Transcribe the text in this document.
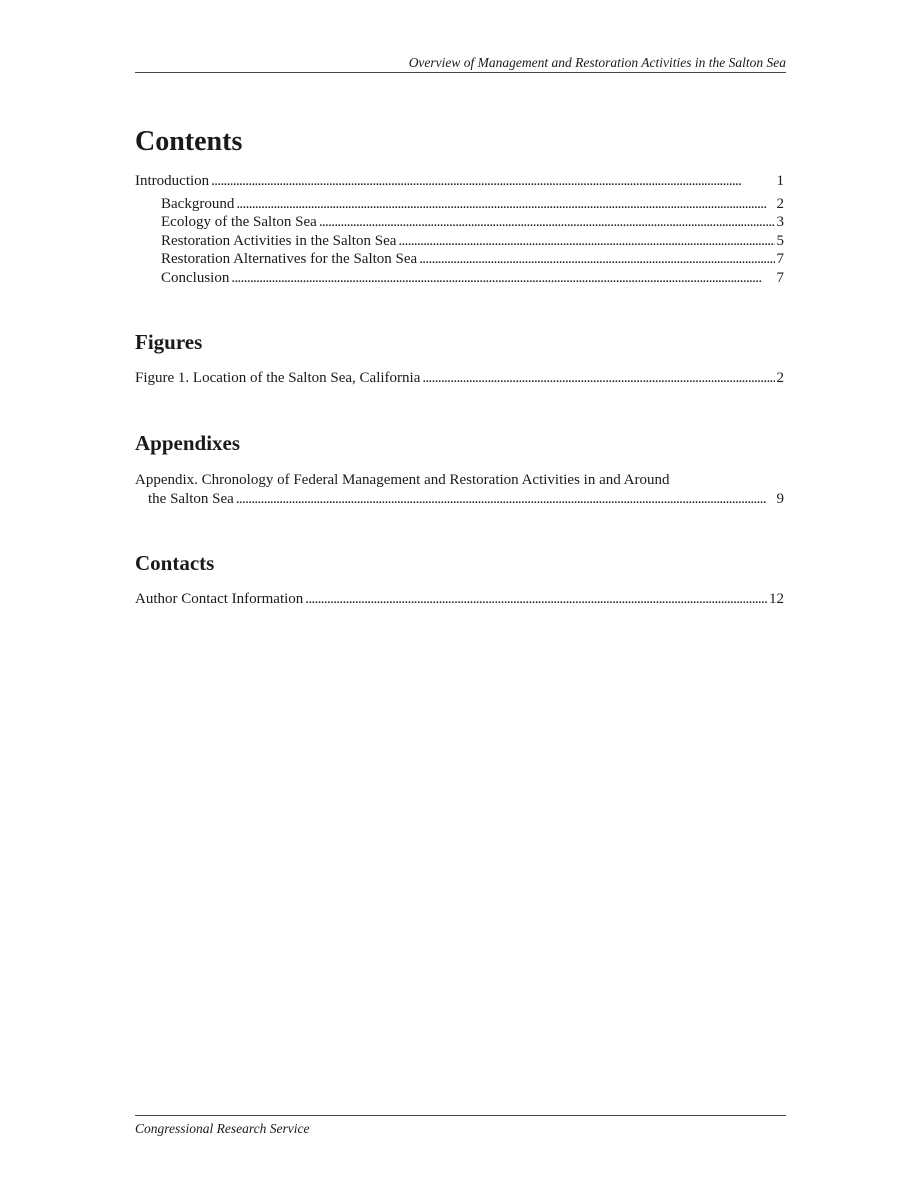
Overview of Management and Restoration Activities in the Salton Sea
Contents
Introduction . . .	1
Background . . .	2
Ecology of the Salton Sea . . .	3
Restoration Activities in the Salton Sea . . .	5
Restoration Alternatives for the Salton Sea . . .	7
Conclusion . . .	7
Figures
Figure 1. Location of the Salton Sea, California . . .	2
Appendixes
Appendix. Chronology of Federal Management and Restoration Activities in and Around
the Salton Sea . . .	9
Contacts
Author Contact Information . . .	12
Congressional Research Service
